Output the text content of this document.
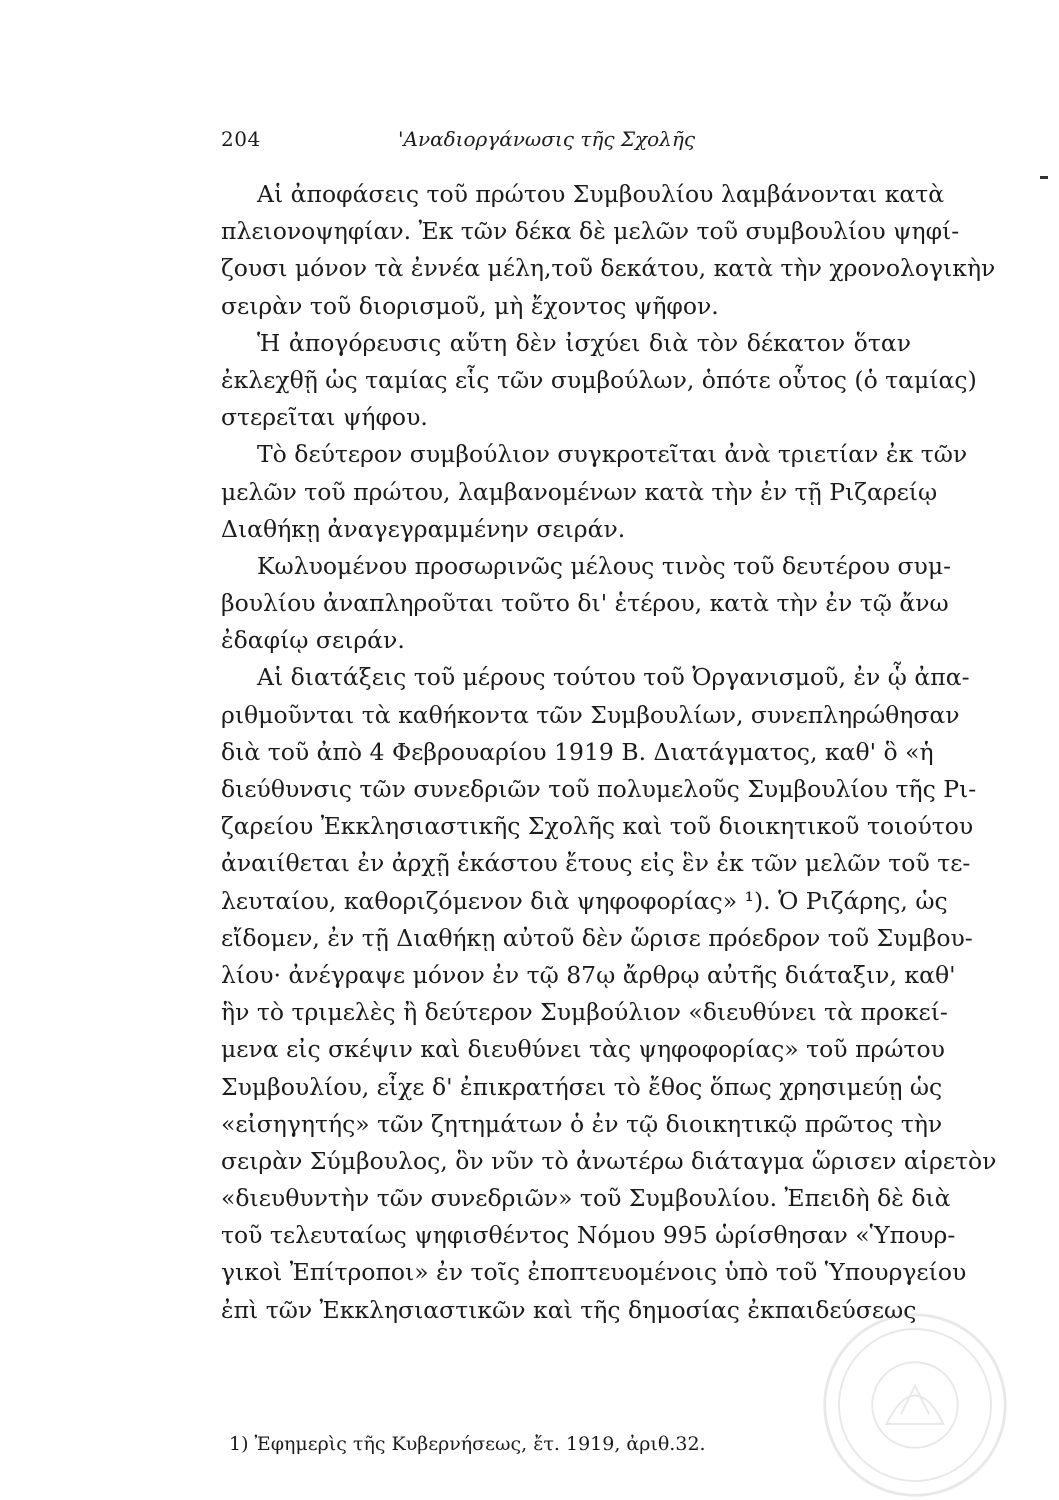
204	'Αναδιοργάνωσις τῆς Σχολῆς
Αἱ ἀποφάσεις τοῦ πρώτου Συμβουλίου λαμβάνονται κατὰ
πλειονοψηφίαν. Ἐκ τῶν δέκα δὲ μελῶν τοῦ συμβουλίου ψηφί-
ζουσι μόνον τὰ ἐννέα μέλη,τοῦ δεκάτου, κατὰ τὴν χρονολογικὴν
σειρὰν τοῦ διορισμοῦ, μὴ ἔχοντος ψῆφον.
Ἡ ἀπογόρευσις αὕτη δὲν ἰσχύει διὰ τὸν δέκατον ὅταν
ἐκλεχθῇ ὡς ταμίας εἷς τῶν συμβούλων, ὁπότε οὗτος (ὁ ταμίας)
στερεῖται ψήφου.
Τὸ δεύτερον συμβούλιον συγκροτεῖται ἀνὰ τριετίαν ἐκ τῶν
μελῶν τοῦ πρώτου, λαμβανομένων κατὰ τὴν ἐν τῇ Ριζαρείῳ
Διαθήκῃ ἀναγεγραμμένην σειράν.
Κωλυομένου προσωρινῶς μέλους τινὸς τοῦ δευτέρου συμ-
βουλίου ἀναπληροῦται τοῦτο δι' ἑτέρου, κατὰ τὴν ἐν τῷ ἄνω
ἐδαφίῳ σειράν.
Αἱ διατάξεις τοῦ μέρους τούτου τοῦ Ὀργανισμοῦ, ἐν ᾧ ἀπα-
ριθμοῦνται τὰ καθήκοντα τῶν Συμβουλίων, συνεπληρώθησαν
διὰ τοῦ ἀπὸ 4 Φεβρουαρίου 1919 Β. Διατάγματος, καθ' ὃ «ἡ
διεύθυνσις τῶν συνεδριῶν τοῦ πολυμελοῦς Συμβουλίου τῆς Ρι-
ζαρείου Ἐκκλησιαστικῆς Σχολῆς καὶ τοῦ διοικητικοῦ τοιούτου
ἀναιίθεται ἐν ἀρχῇ ἑκάστου ἔτους εἰς ἓν ἐκ τῶν μελῶν τοῦ τε-
λευταίου, καθοριζόμενον διὰ ψηφοφορίας» ¹). Ὁ Ριζάρης, ὡς
εἴδομεν, ἐν τῇ Διαθήκῃ αὐτοῦ δὲν ὥρισε πρόεδρον τοῦ Συμβου-
λίου· ἀνέγραψε μόνον ἐν τῷ 87ῳ ἄρθρῳ αὐτῆς διάταξιν, καθ'
ἣν τὸ τριμελὲς ἢ δεύτερον Συμβούλιον «διευθύνει τὰ προκεί-
μενα εἰς σκέψιν καὶ διευθύνει τὰς ψηφοφορίας» τοῦ πρώτου
Συμβουλίου, εἶχε δ' ἐπικρατήσει τὸ ἔθος ὅπως χρησιμεύῃ ὡς
«εἰσηγητής» τῶν ζητημάτων ὁ ἐν τῷ διοικητικῷ πρῶτος τὴν
σειρὰν Σύμβουλος, ὃν νῦν τὸ ἀνωτέρω διάταγμα ὥρισεν αἱρετὸν
«διευθυντὴν τῶν συνεδριῶν» τοῦ Συμβουλίου. Ἐπειδὴ δὲ διὰ
τοῦ τελευταίως ψηφισθέντος Νόμου 995 ὡρίσθησαν «Ὑπουρ-
γικοὶ Ἐπίτροποι» ἐν τοῖς ἐποπτευομένοις ὑπὸ τοῦ Ὑπουργείου
ἐπὶ τῶν Ἐκκλησιαστικῶν καὶ τῆς δημοσίας ἐκπαιδεύσεως
1) Ἐφημερὶς τῆς Κυβερνήσεως, ἔτ. 1919, ἀριθ.32.
